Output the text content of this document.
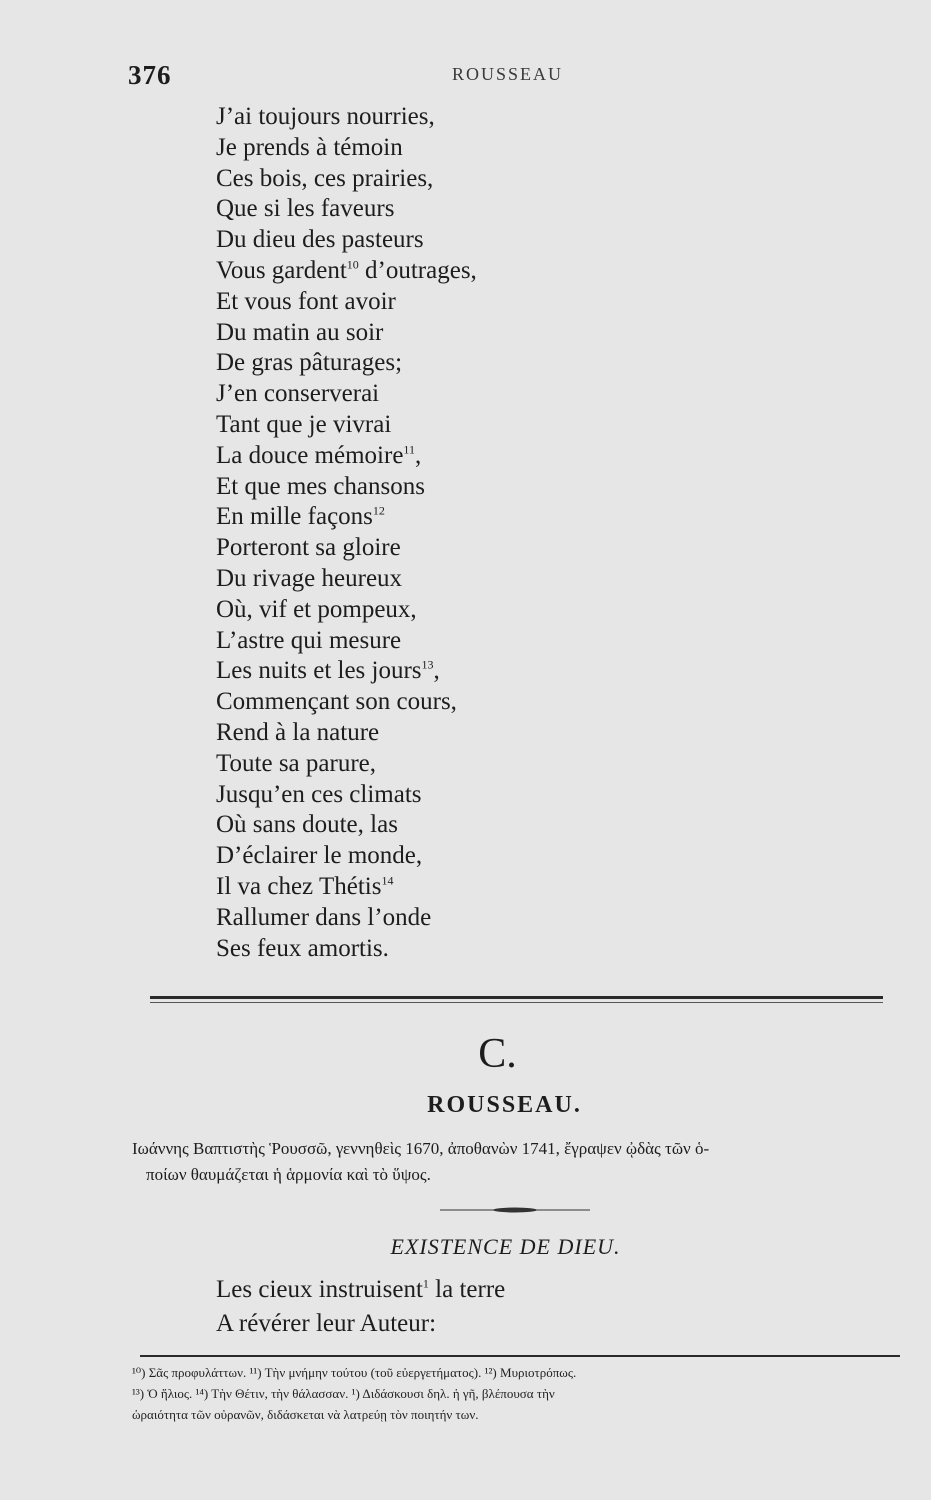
376	ROUSSEAU
J’ai toujours nourries,
Je prends à témoin
Ces bois, ces prairies,
Que si les faveurs
Du dieu des pasteurs
Vous gardent$^{10}$ d’outrages,
Et vous font avoir
Du matin au soir
De gras pâturages;
J’en conserverai
Tant que je vivrai
La douce mémoire$^{11}$,
Et que mes chansons
En mille façons$^{12}$
Porteront sa gloire
Du rivage heureux
Où, vif et pompeux,
L’astre qui mesure
Les nuits et les jours$^{13}$,
Commençant son cours,
Rend à la nature
Toute sa parure,
Jusqu’en ces climats
Où sans doute, las
D’éclairer le monde,
Il va chez Thétis$^{14}$
Rallumer dans l’onde
Ses feux amortis.
C.
ROUSSEAU.
Ιωάννης Βαπτιστὴς Ῥουσσῶ, γεννηθεὶς 1670, ἀποθανὼν 1741, ἔγραψεν ᾠδὰς τῶν ὁ-
ποίων θαυμάζεται ἡ ἁρμονία καὶ τὸ ὕψος.
EXISTENCE DE DIEU.
Les cieux instruisent$^1$ la terre
A révérer leur Auteur:
¹⁰) Σᾶς προφυλάττων. ¹¹) Τὴν μνήμην τούτου (τοῦ εὐεργετήματος). ¹²) Μυριοτρόπως.
¹³) Ὁ ἥλιος. ¹⁴) Τὴν Θέτιν, τὴν θάλασσαν. ¹) Διδάσκουσι δηλ. ἡ γῆ, βλέπουσα τὴν
ὡραιότητα τῶν οὐρανῶν, διδάσκεται νὰ λατρεύῃ τὸν ποιητήν των.
